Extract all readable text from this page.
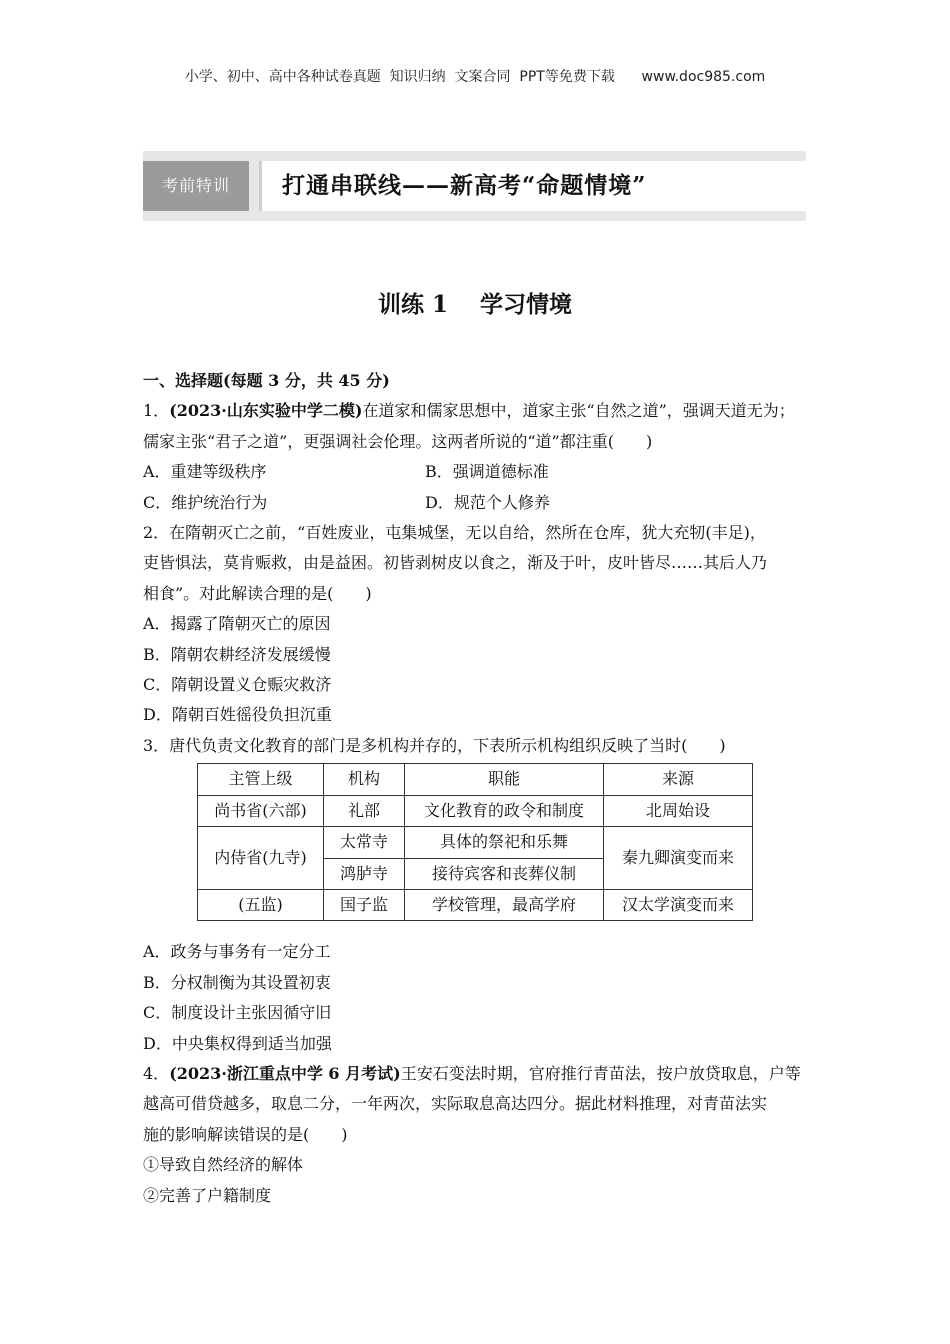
小学、初中、高中各种试卷真题  知识归纳  文案合同  PPT等免费下载      www.doc985.com
考前特训	打通串联线——新高考“命题情境”
训练 1    学习情境
一、选择题(每题 3 分，共 45 分)
1．(2023·山东实验中学二模)在道家和儒家思想中，道家主张“自然之道”，强调天道无为；
儒家主张“君子之道”，更强调社会伦理。这两者所说的“道”都注重(　　)
A．重建等级秩序	B．强调道德标准
C．维护统治行为	D．规范个人修养
2．在隋朝灭亡之前，“百姓废业，屯集城堡，无以自给，然所在仓库，犹大充牣(丰足)，
吏皆惧法，莫肯赈救，由是益困。初皆剥树皮以食之，渐及于叶，皮叶皆尽……其后人乃
相食”。对此解读合理的是(　　)
A．揭露了隋朝灭亡的原因
B．隋朝农耕经济发展缓慢
C．隋朝设置义仓赈灾救济
D．隋朝百姓徭役负担沉重
3．唐代负责文化教育的部门是多机构并存的，下表所示机构组织反映了当时(　　)
主管上级	机构	职能	来源
尚书省(六部)	礼部	文化教育的政令和制度	北周始设
内侍省(九寺)	太常寺	具体的祭祀和乐舞	秦九卿演变而来
	鸿胪寺	接待宾客和丧葬仪制	
(五监)	国子监	学校管理，最高学府	汉太学演变而来
A．政务与事务有一定分工
B．分权制衡为其设置初衷
C．制度设计主张因循守旧
D．中央集权得到适当加强
4．(2023·浙江重点中学 6 月考试)王安石变法时期，官府推行青苗法，按户放贷取息，户等
越高可借贷越多，取息二分，一年两次，实际取息高达四分。据此材料推理，对青苗法实
施的影响解读错误的是(　　)
①导致自然经济的解体
②完善了户籍制度
